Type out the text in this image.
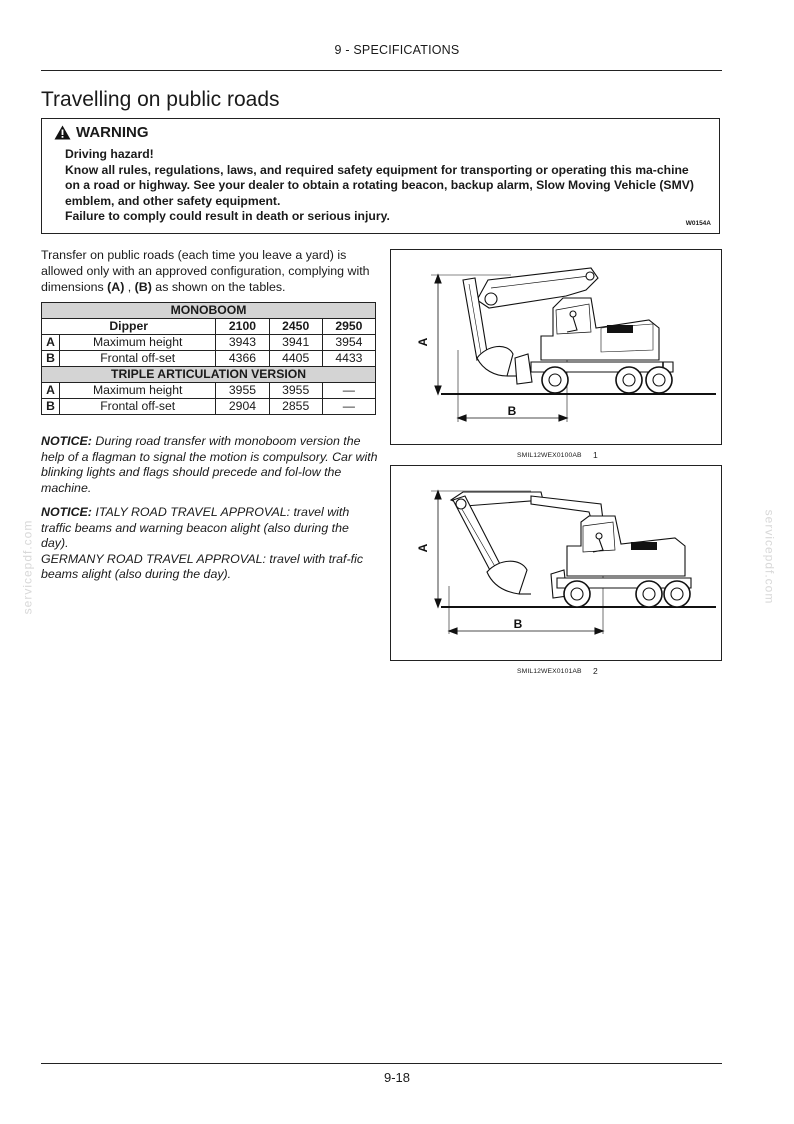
9 - SPECIFICATIONS
Travelling on public roads
WARNING

Driving hazard!

Know all rules, regulations, laws, and required safety equipment for transporting or operating this ma-chine on a road or highway. See your dealer to obtain a rotating beacon, backup alarm, Slow Moving Vehicle (SMV) emblem, and other safety equipment.

Failure to comply could result in death or serious injury.

W0154A

Transfer on public roads (each time you leave a yard) is allowed only with an approved configuration, complying with dimensions (A) , (B) as shown on the tables.

MONOBOOM				
Dipper		2100	2450	2950
A	Maximum height	3943	3941	3954
B	Frontal off-set	4366	4405	4433
TRIPLE ARTICULATION VERSION				
A	Maximum height	3955	3955	—
B	Frontal off-set	2904	2855	—

NOTICE: During road transfer with monoboom version the help of a flagman to signal the motion is compulsory. Car with blinking lights and flags should precede and fol-low the machine.

NOTICE: ITALY ROAD TRAVEL APPROVAL: travel with traffic beams and warning beacon alight (also during the day).
GERMANY ROAD TRAVEL APPROVAL: travel with traf-fic beams alight (also during the day).
A
B
SMIL12WEX0100AB 1
A
B
SMIL12WEX0101AB 2
servicepdf.com	servicepdf.com
9-18
